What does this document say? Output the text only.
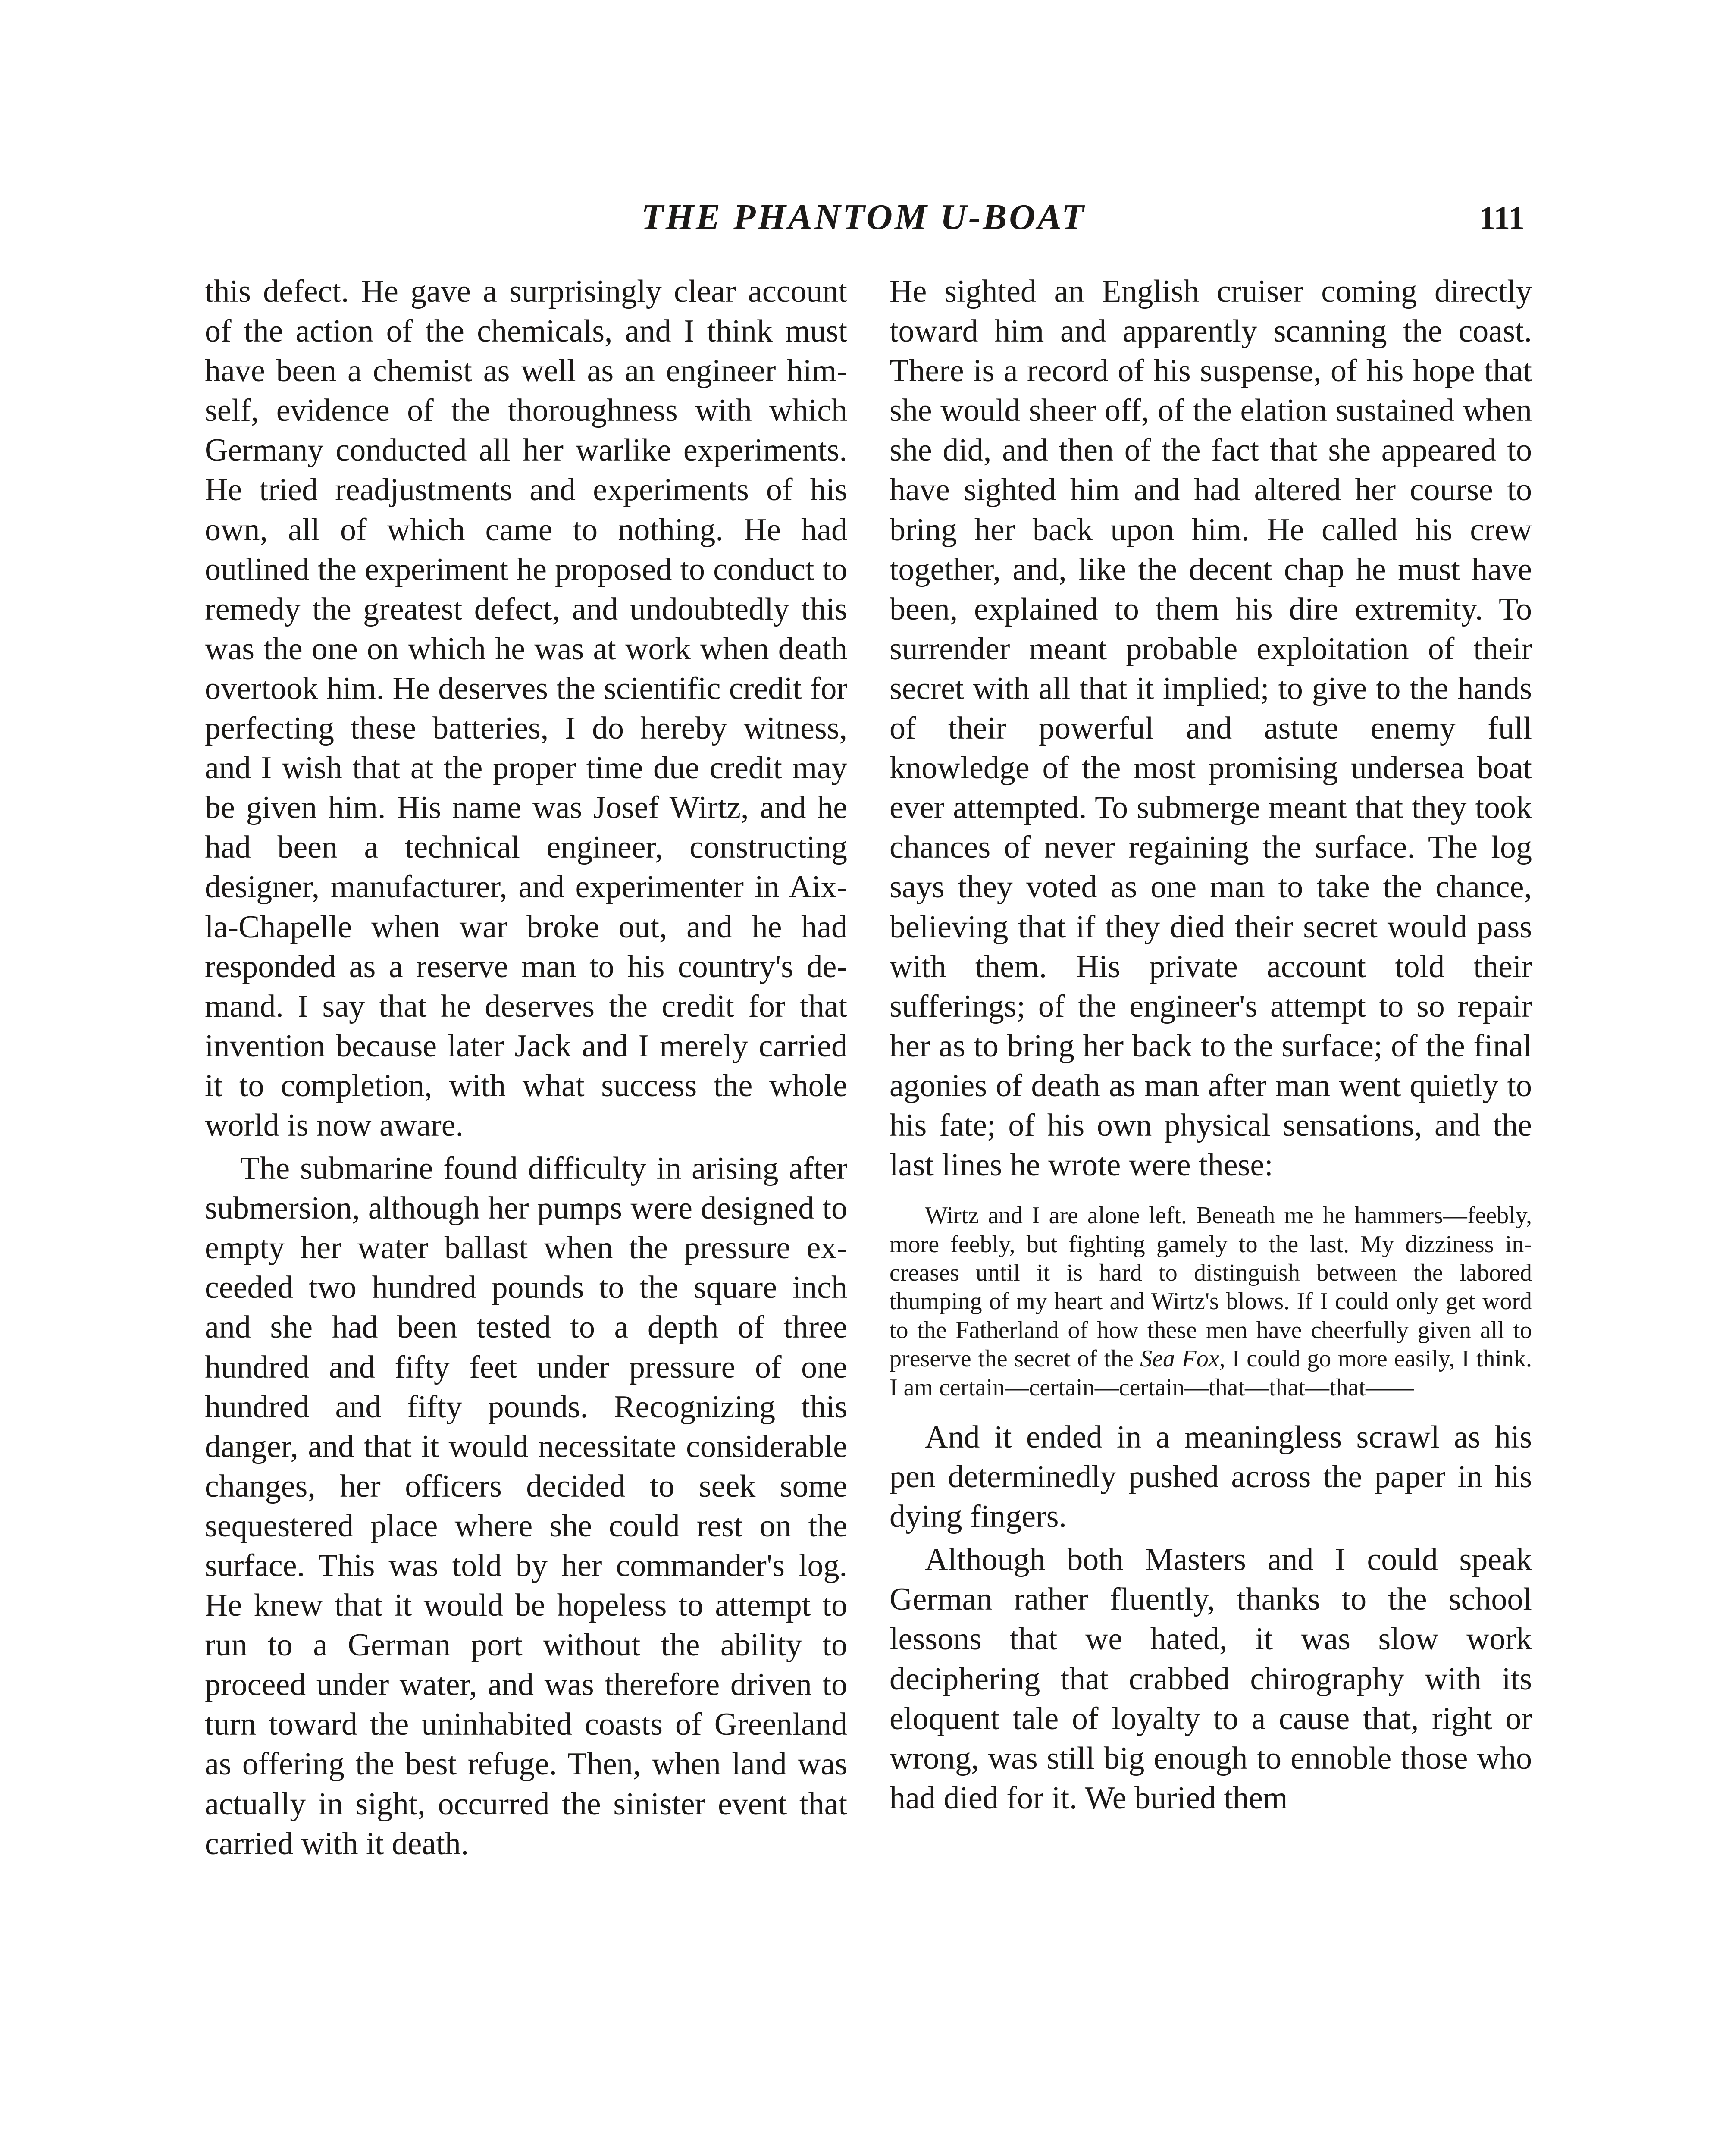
THE PHANTOM U-BOAT	111

this defect. He gave a surprisingly clear account of the action of the chemicals, and I think must have been a chemist as well as an engineer himself, evidence of the thoroughness with which Germany conducted all her warlike experiments. He tried readjustments and experiments of his own, all of which came to nothing. He had outlined the experiment he proposed to conduct to remedy the greatest defect, and undoubtedly this was the one on which he was at work when death overtook him. He deserves the scientific credit for perfecting these batteries, I do hereby witness, and I wish that at the proper time due credit may be given him. His name was Josef Wirtz, and he had been a technical engineer, constructing designer, manufacturer, and experimenter in Aix-la-Chapelle when war broke out, and he had responded as a reserve man to his country's demand. I say that he deserves the credit for that invention because later Jack and I merely carried it to completion, with what success the whole world is now aware.

The submarine found difficulty in arising after submersion, although her pumps were designed to empty her water ballast when the pressure exceeded two hundred pounds to the square inch and she had been tested to a depth of three hundred and fifty feet under pressure of one hundred and fifty pounds. Recognizing this danger, and that it would necessitate considerable changes, her officers decided to seek some sequestered place where she could rest on the surface. This was told by her commander's log. He knew that it would be hopeless to attempt to run to a German port without the ability to proceed under water, and was therefore driven to turn toward the uninhabited coasts of Greenland as offering the best refuge. Then, when land was actually in sight, occurred the sinister event that carried with it death.

He sighted an English cruiser coming directly toward him and apparently scanning the coast. There is a record of his suspense, of his hope that she would sheer off, of the elation sustained when she did, and then of the fact that she appeared to have sighted him and had altered her course to bring her back upon him. He called his crew together, and, like the decent chap he must have been, explained to them his dire extremity. To surrender meant probable exploitation of their secret with all that it implied; to give to the hands of their powerful and astute enemy full knowledge of the most promising undersea boat ever attempted. To submerge meant that they took chances of never regaining the surface. The log says they voted as one man to take the chance, believing that if they died their secret would pass with them. His private account told their sufferings; of the engineer's attempt to so repair her as to bring her back to the surface; of the final agonies of death as man after man went quietly to his fate; of his own physical sensations, and the last lines he wrote were these:

Wirtz and I are alone left. Beneath me he hammers—feebly, more feebly, but fighting gamely to the last. My dizziness increases until it is hard to distinguish between the labored thumping of my heart and Wirtz's blows. If I could only get word to the Fatherland of how these men have cheerfully given all to preserve the secret of the Sea Fox, I could go more easily, I think. I am certain—certain—certain—that—that—that——

And it ended in a meaningless scrawl as his pen determinedly pushed across the paper in his dying fingers.

Although both Masters and I could speak German rather fluently, thanks to the school lessons that we hated, it was slow work deciphering that crabbed chirography with its eloquent tale of loyalty to a cause that, right or wrong, was still big enough to ennoble those who had died for it. We buried them
